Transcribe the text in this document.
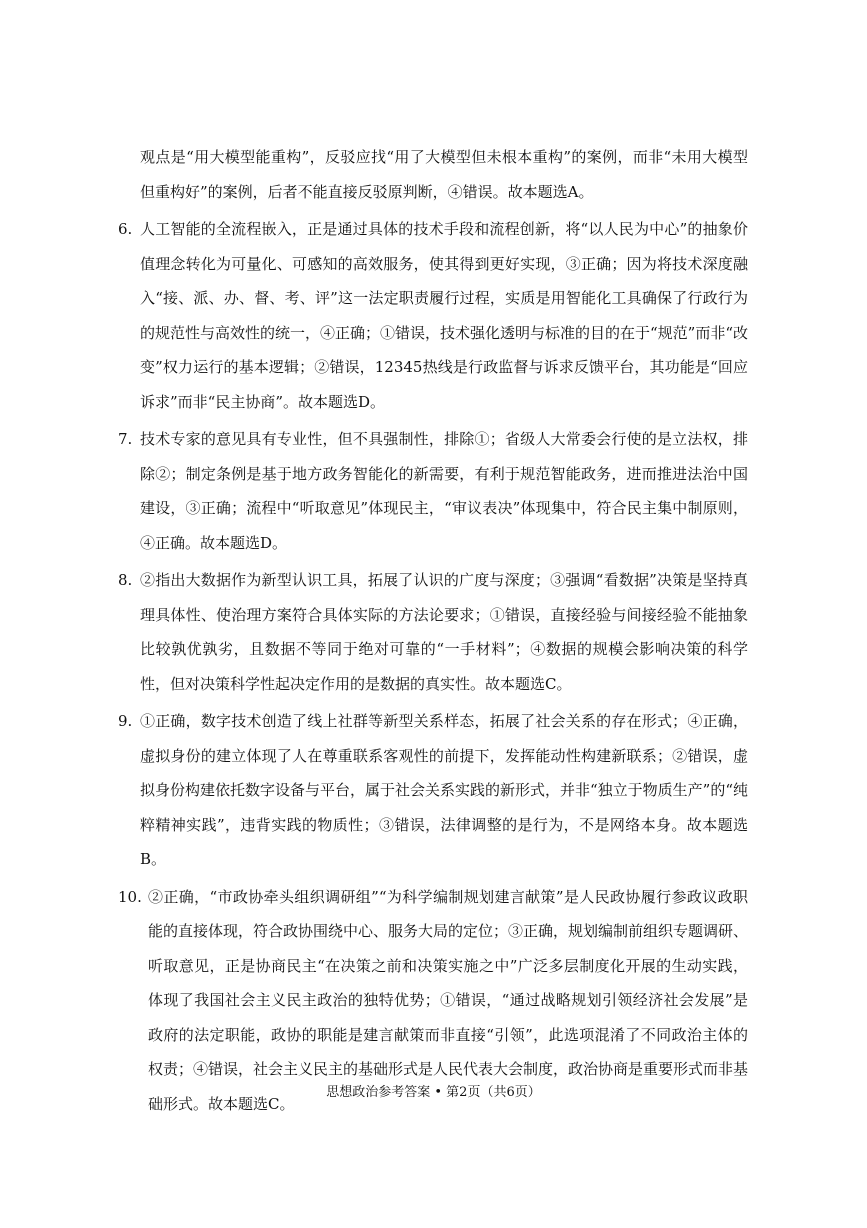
观点是“用大模型能重构”，反驳应找“用了大模型但未根本重构”的案例，而非“未用大模型但重构好”的案例，后者不能直接反驳原判断，④错误。故本题选A。

6. 人工智能的全流程嵌入，正是通过具体的技术手段和流程创新，将“以人民为中心”的抽象价值理念转化为可量化、可感知的高效服务，使其得到更好实现，③正确；因为将技术深度融入“接、派、办、督、考、评”这一法定职责履行过程，实质是用智能化工具确保了行政行为的规范性与高效性的统一，④正确；①错误，技术强化透明与标准的目的在于“规范”而非“改变”权力运行的基本逻辑；②错误，12345热线是行政监督与诉求反馈平台，其功能是“回应诉求”而非“民主协商”。故本题选D。

7. 技术专家的意见具有专业性，但不具强制性，排除①；省级人大常委会行使的是立法权，排除②；制定条例是基于地方政务智能化的新需要，有利于规范智能政务，进而推进法治中国建设，③正确；流程中“听取意见”体现民主，“审议表决”体现集中，符合民主集中制原则，④正确。故本题选D。

8. ②指出大数据作为新型认识工具，拓展了认识的广度与深度；③强调“看数据”决策是坚持真理具体性、使治理方案符合具体实际的方法论要求；①错误，直接经验与间接经验不能抽象比较孰优孰劣，且数据不等同于绝对可靠的“一手材料”；④数据的规模会影响决策的科学性，但对决策科学性起决定作用的是数据的真实性。故本题选C。

9. ①正确，数字技术创造了线上社群等新型关系样态，拓展了社会关系的存在形式；④正确，虚拟身份的建立体现了人在尊重联系客观性的前提下，发挥能动性构建新联系；②错误，虚拟身份构建依托数字设备与平台，属于社会关系实践的新形式，并非“独立于物质生产”的“纯粹精神实践”，违背实践的物质性；③错误，法律调整的是行为，不是网络本身。故本题选B。

10. ②正确，“市政协牵头组织调研组”“为科学编制规划建言献策”是人民政协履行参政议政职能的直接体现，符合政协围绕中心、服务大局的定位；③正确，规划编制前组织专题调研、听取意见，正是协商民主“在决策之前和决策实施之中”广泛多层制度化开展的生动实践，体现了我国社会主义民主政治的独特优势；①错误，“通过战略规划引领经济社会发展”是政府的法定职能，政协的职能是建言献策而非直接“引领”，此选项混淆了不同政治主体的权责；④错误，社会主义民主的基础形式是人民代表大会制度，政治协商是重要形式而非基础形式。故本题选C。

思想政治参考答案 • 第2页（共6页）
